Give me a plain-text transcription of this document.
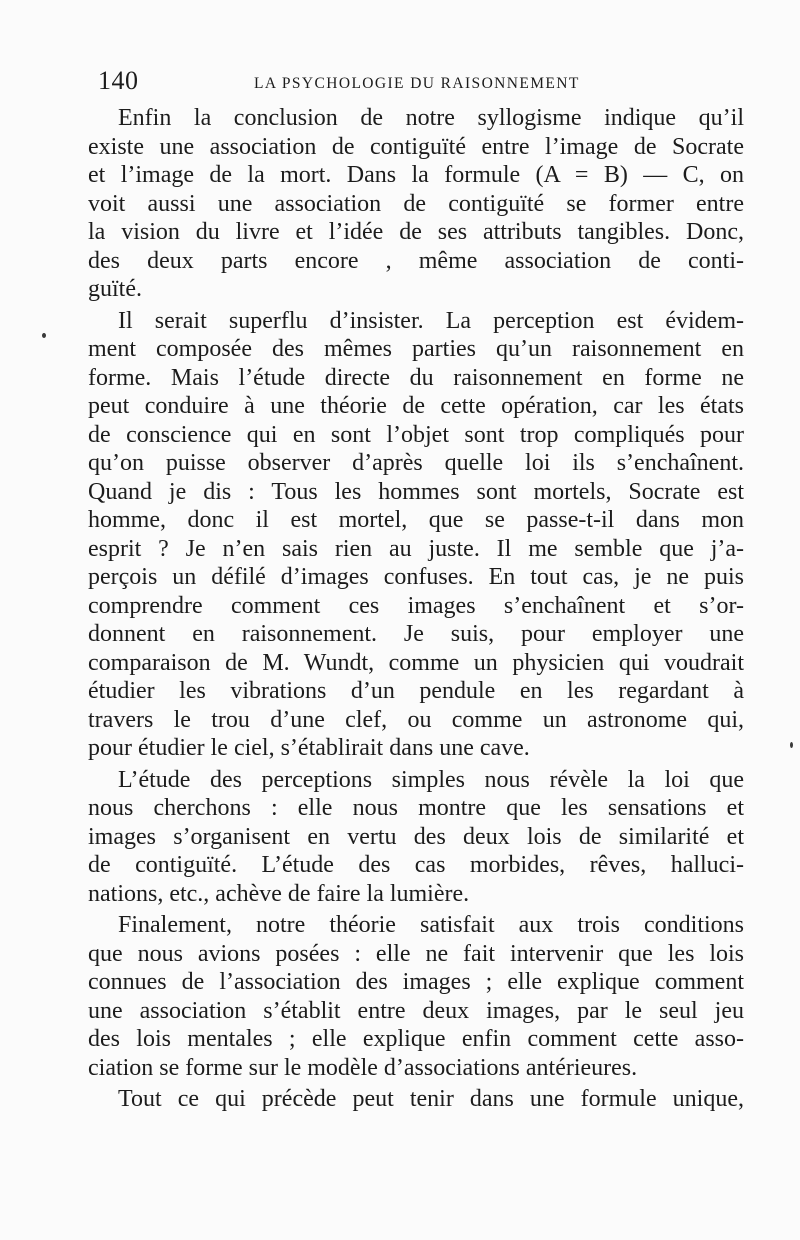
140	LA PSYCHOLOGIE DU RAISONNEMENT
Enfin la conclusion de notre syllogisme indique qu’il
existe une association de contiguïté entre l’image de Socrate
et l’image de la mort. Dans la formule (A = B) — C, on
voit aussi une association de contiguïté se former entre
la vision du livre et l’idée de ses attributs tangibles. Donc,
des deux parts encore , même association de conti-
guïté.
Il serait superflu d’insister. La perception est évidem-
ment composée des mêmes parties qu’un raisonnement en
forme. Mais l’étude directe du raisonnement en forme ne
peut conduire à une théorie de cette opération, car les états
de conscience qui en sont l’objet sont trop compliqués pour
qu’on puisse observer d’après quelle loi ils s’enchaînent.
Quand je dis : Tous les hommes sont mortels, Socrate est
homme, donc il est mortel, que se passe-t-il dans mon
esprit ? Je n’en sais rien au juste. Il me semble que j’a-
perçois un défilé d’images confuses. En tout cas, je ne puis
comprendre comment ces images s’enchaînent et s’or-
donnent en raisonnement. Je suis, pour employer une
comparaison de M. Wundt, comme un physicien qui voudrait
étudier les vibrations d’un pendule en les regardant à
travers le trou d’une clef, ou comme un astronome qui,
pour étudier le ciel, s’établirait dans une cave.
L’étude des perceptions simples nous révèle la loi que
nous cherchons : elle nous montre que les sensations et
images s’organisent en vertu des deux lois de similarité et
de contiguïté. L’étude des cas morbides, rêves, halluci-
nations, etc., achève de faire la lumière.
Finalement, notre théorie satisfait aux trois conditions
que nous avions posées : elle ne fait intervenir que les lois
connues de l’association des images ; elle explique comment
une association s’établit entre deux images, par le seul jeu
des lois mentales ; elle explique enfin comment cette asso-
ciation se forme sur le modèle d’associations antérieures.
Tout ce qui précède peut tenir dans une formule unique,
